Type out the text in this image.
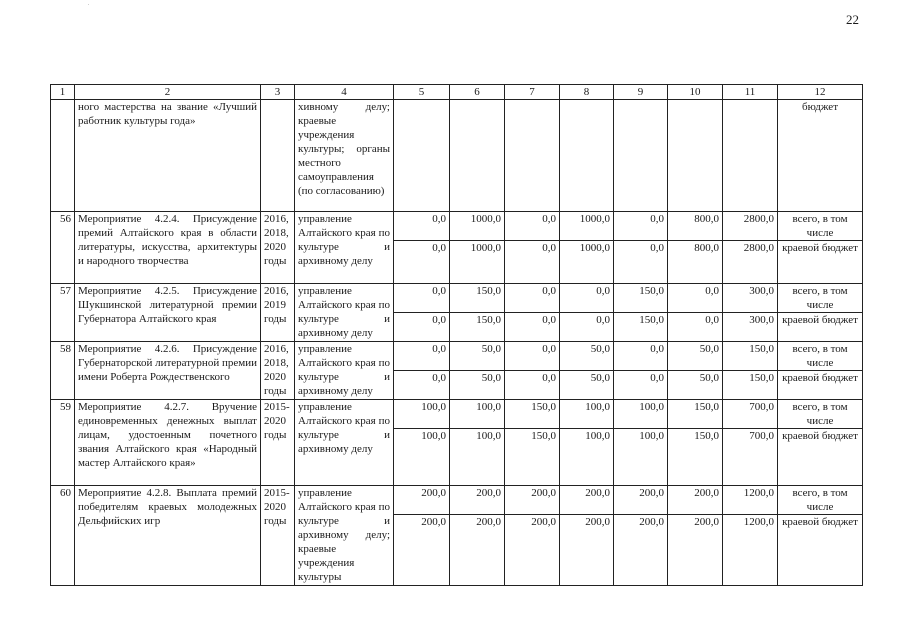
22
1	2	3	4	5	6	7	8	9	10	11	12
	ного мастерства на звание «Лучший работник культуры года»		хивному делу; краевые учреждения культуры; органы местного самоуправления (по согласованию)								бюджет
56	Мероприятие 4.2.4. Присуждение премий Алтайского края в области литературы, искусства, архитектуры и народного творчества	2016, 2018, 2020 годы	управление Алтайского края по культуре и архивному делу	0,0	1000,0	0,0	1000,0	0,0	800,0	2800,0	всего, в том числе
				0,0	1000,0	0,0	1000,0	0,0	800,0	2800,0	краевой бюджет
57	Мероприятие 4.2.5. Присуждение Шукшинской литературной премии Губернатора Алтайского края	2016, 2019 годы	управление Алтайского края по культуре и архивному делу	0,0	150,0	0,0	0,0	150,0	0,0	300,0	всего, в том числе
				0,0	150,0	0,0	0,0	150,0	0,0	300,0	краевой бюджет
58	Мероприятие 4.2.6. Присуждение Губернаторской литературной премии имени Роберта Рождественского	2016, 2018, 2020 годы	управление Алтайского края по культуре и архивному делу	0,0	50,0	0,0	50,0	0,0	50,0	150,0	всего, в том числе
				0,0	50,0	0,0	50,0	0,0	50,0	150,0	краевой бюджет
59	Мероприятие 4.2.7. Вручение единовременных денежных выплат лицам, удостоенным почетного звания Алтайского края «Народный мастер Алтайского края»	2015-2020 годы	управление Алтайского края по культуре и архивному делу	100,0	100,0	150,0	100,0	100,0	150,0	700,0	всего, в том числе
				100,0	100,0	150,0	100,0	100,0	150,0	700,0	краевой бюджет
60	Мероприятие 4.2.8. Выплата премий победителям краевых молодежных Дельфийских игр	2015-2020 годы	управление Алтайского края по культуре и архивному делу; краевые учреждения культуры	200,0	200,0	200,0	200,0	200,0	200,0	1200,0	всего, в том числе
				200,0	200,0	200,0	200,0	200,0	200,0	1200,0	краевой бюджет
